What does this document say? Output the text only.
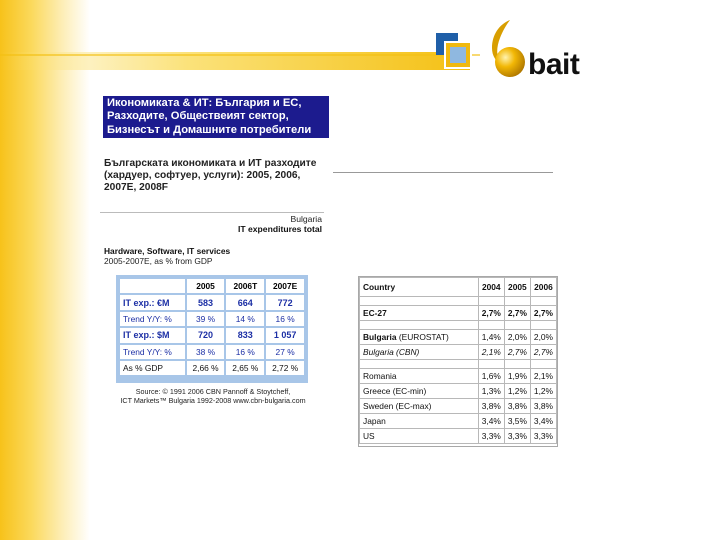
bait
Икономиката & ИТ: България и ЕС,
Разходите, Обществеият сектор,
Бизнесът и Домашните потребители
Българската икономиката и ИТ разходите
(хардуер, софтуер, услуги): 2005, 2006,
2007E, 2008F
Bulgaria
IT expenditures total
Hardware, Software, IT services
2005-2007E, as % from GDP
	2005	2006T	2007E
IT exp.: €M	583	664	772
Trend Y/Y: %	39 %	14 %	16 %
IT exp.: $M	720	833	1 057
Trend Y/Y: %	38 %	16 %	27 %
As % GDP	2,66 %	2,65 %	2,72 %
Source: © 1991 2006 CBN Pannoff & Stoytcheff,
ICT Markets™ Bulgaria 1992-2008 www.cbn-bulgaria.com
Country	2004	2005	2006

EC-27	2,7%	2,7%	2,7%

Bulgaria (EUROSTAT)	1,4%	2,0%	2,0%
Bulgaria (CBN)	2,1%	2,7%	2,7%

Romania	1,6%	1,9%	2,1%
Greece (EC-min)	1,3%	1,2%	1,2%
Sweden (EC-max)	3,8%	3,8%	3,8%
Japan	3,4%	3,5%	3,4%
US	3,3%	3,3%	3,3%
